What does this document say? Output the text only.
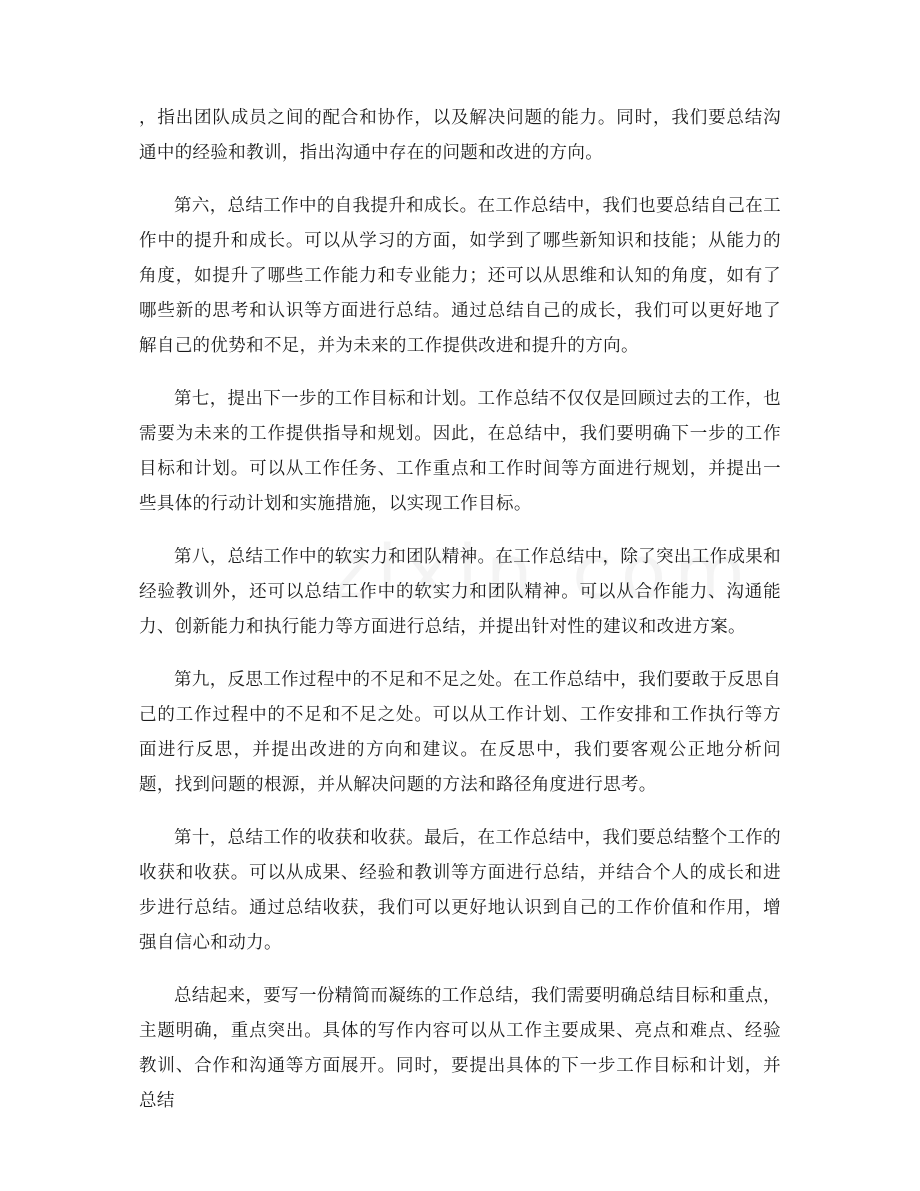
，指出团队成员之间的配合和协作，以及解决问题的能力。同时，我们要总结沟通中的经验和教训，指出沟通中存在的问题和改进的方向。

第六，总结工作中的自我提升和成长。在工作总结中，我们也要总结自己在工作中的提升和成长。可以从学习的方面，如学到了哪些新知识和技能；从能力的角度，如提升了哪些工作能力和专业能力；还可以从思维和认知的角度，如有了哪些新的思考和认识等方面进行总结。通过总结自己的成长，我们可以更好地了解自己的优势和不足，并为未来的工作提供改进和提升的方向。

第七，提出下一步的工作目标和计划。工作总结不仅仅是回顾过去的工作，也需要为未来的工作提供指导和规划。因此，在总结中，我们要明确下一步的工作目标和计划。可以从工作任务、工作重点和工作时间等方面进行规划，并提出一些具体的行动计划和实施措施，以实现工作目标。

第八，总结工作中的软实力和团队精神。在工作总结中，除了突出工作成果和经验教训外，还可以总结工作中的软实力和团队精神。可以从合作能力、沟通能力、创新能力和执行能力等方面进行总结，并提出针对性的建议和改进方案。

第九，反思工作过程中的不足和不足之处。在工作总结中，我们要敢于反思自己的工作过程中的不足和不足之处。可以从工作计划、工作安排和工作执行等方面进行反思，并提出改进的方向和建议。在反思中，我们要客观公正地分析问题，找到问题的根源，并从解决问题的方法和路径角度进行思考。

第十，总结工作的收获和收获。最后，在工作总结中，我们要总结整个工作的收获和收获。可以从成果、经验和教训等方面进行总结，并结合个人的成长和进步进行总结。通过总结收获，我们可以更好地认识到自己的工作价值和作用，增强自信心和动力。

总结起来，要写一份精简而凝练的工作总结，我们需要明确总结目标和重点，主题明确，重点突出。具体的写作内容可以从工作主要成果、亮点和难点、经验教训、合作和沟通等方面展开。同时，要提出具体的下一步工作目标和计划，并总结
